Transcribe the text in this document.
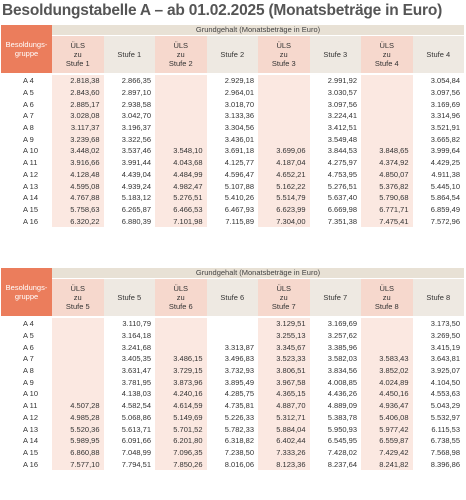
Besoldungstabelle A – ab 01.02.2025 (Monatsbeträge in Euro)
Besoldungs-
gruppe	Grundgehalt (Monatsbeträge in Euro)							
	ÜLS
zu
Stufe 1	Stufe 1	ÜLS
zu
Stufe 2	Stufe 2	ÜLS
zu
Stufe 3	Stufe 3	ÜLS
zu
Stufe 4	Stufe 4

A 4	2.818,38	2.866,35		2.929,18		2.991,92		3.054,84
A 5	2.843,60	2.897,10		2.964,01		3.030,57		3.097,56
A 6	2.885,17	2.938,58		3.018,70		3.097,56		3.169,69
A 7	3.028,08	3.042,70		3.133,36		3.224,41		3.314,96
A 8	3.117,37	3.196,37		3.304,56		3.412,51		3.521,91
A 9	3.239,68	3.322,56		3.436,01		3.549,48		3.665,82
A 10	3.448,02	3.537,46	3.548,10	3.691,18	3.699,06	3.844,53	3.848,65	3.999,64
A 11	3.916,66	3.991,44	4.043,68	4.125,77	4.187,04	4.275,97	4.374,92	4.429,25
A 12	4.128,48	4.439,04	4.484,99	4.596,47	4.652,21	4.753,95	4.850,07	4.911,38
A 13	4.595,08	4.939,24	4.982,47	5.107,88	5.162,22	5.276,51	5.376,82	5.445,10
A 14	4.767,88	5.183,12	5.276,51	5.410,26	5.514,79	5.637,40	5.790,68	5.864,54
A 15	5.758,63	6.265,87	6.466,53	6.467,93	6.623,99	6.669,98	6.771,71	6.859,49
A 16	6.320,22	6.880,39	7.101,98	7.115,89	7.304,00	7.351,38	7.475,41	7.572,96
Besoldungs-
gruppe	Grundgehalt (Monatsbeträge in Euro)							
	ÜLS
zu
Stufe 5	Stufe 5	ÜLS
zu
Stufe 6	Stufe 6	ÜLS
zu
Stufe 7	Stufe 7	ÜLS
zu
Stufe 8	Stufe 8

A 4		3.110,79			3.129,51	3.169,69		3.173,50
A 5		3.164,18			3.255,13	3.257,62		3.269,50
A 6		3.241,68		3.313,87	3.345,67	3.385,96		3.415,19
A 7		3.405,35	3.486,15	3.496,83	3.523,33	3.582,03	3.583,43	3.643,81
A 8		3.631,47	3.729,15	3.732,93	3.806,51	3.834,56	3.852,02	3.925,07
A 9		3.781,95	3.873,96	3.895,49	3.967,58	4.008,85	4.024,89	4.104,50
A 10		4.138,03	4.240,16	4.285,75	4.365,15	4.436,26	4.450,16	4.553,63
A 11	4.507,28	4.582,54	4.614,59	4.735,81	4.887,70	4.889,09	4.936,47	5.043,29
A 12	4.985,28	5.068,86	5.149,69	5.226,33	5.312,71	5.383,78	5.406,08	5.532,97
A 13	5.520,36	5.613,71	5.701,52	5.782,33	5.884,04	5.950,93	5.977,42	6.115,53
A 14	5.989,95	6.091,66	6.201,80	6.318,82	6.402,44	6.545,95	6.559,87	6.738,55
A 15	6.860,88	7.048,99	7.096,35	7.238,50	7.333,26	7.428,02	7.429,42	7.568,98
A 16	7.577,10	7.794,51	7.850,26	8.016,06	8.123,36	8.237,64	8.241,82	8.396,86
